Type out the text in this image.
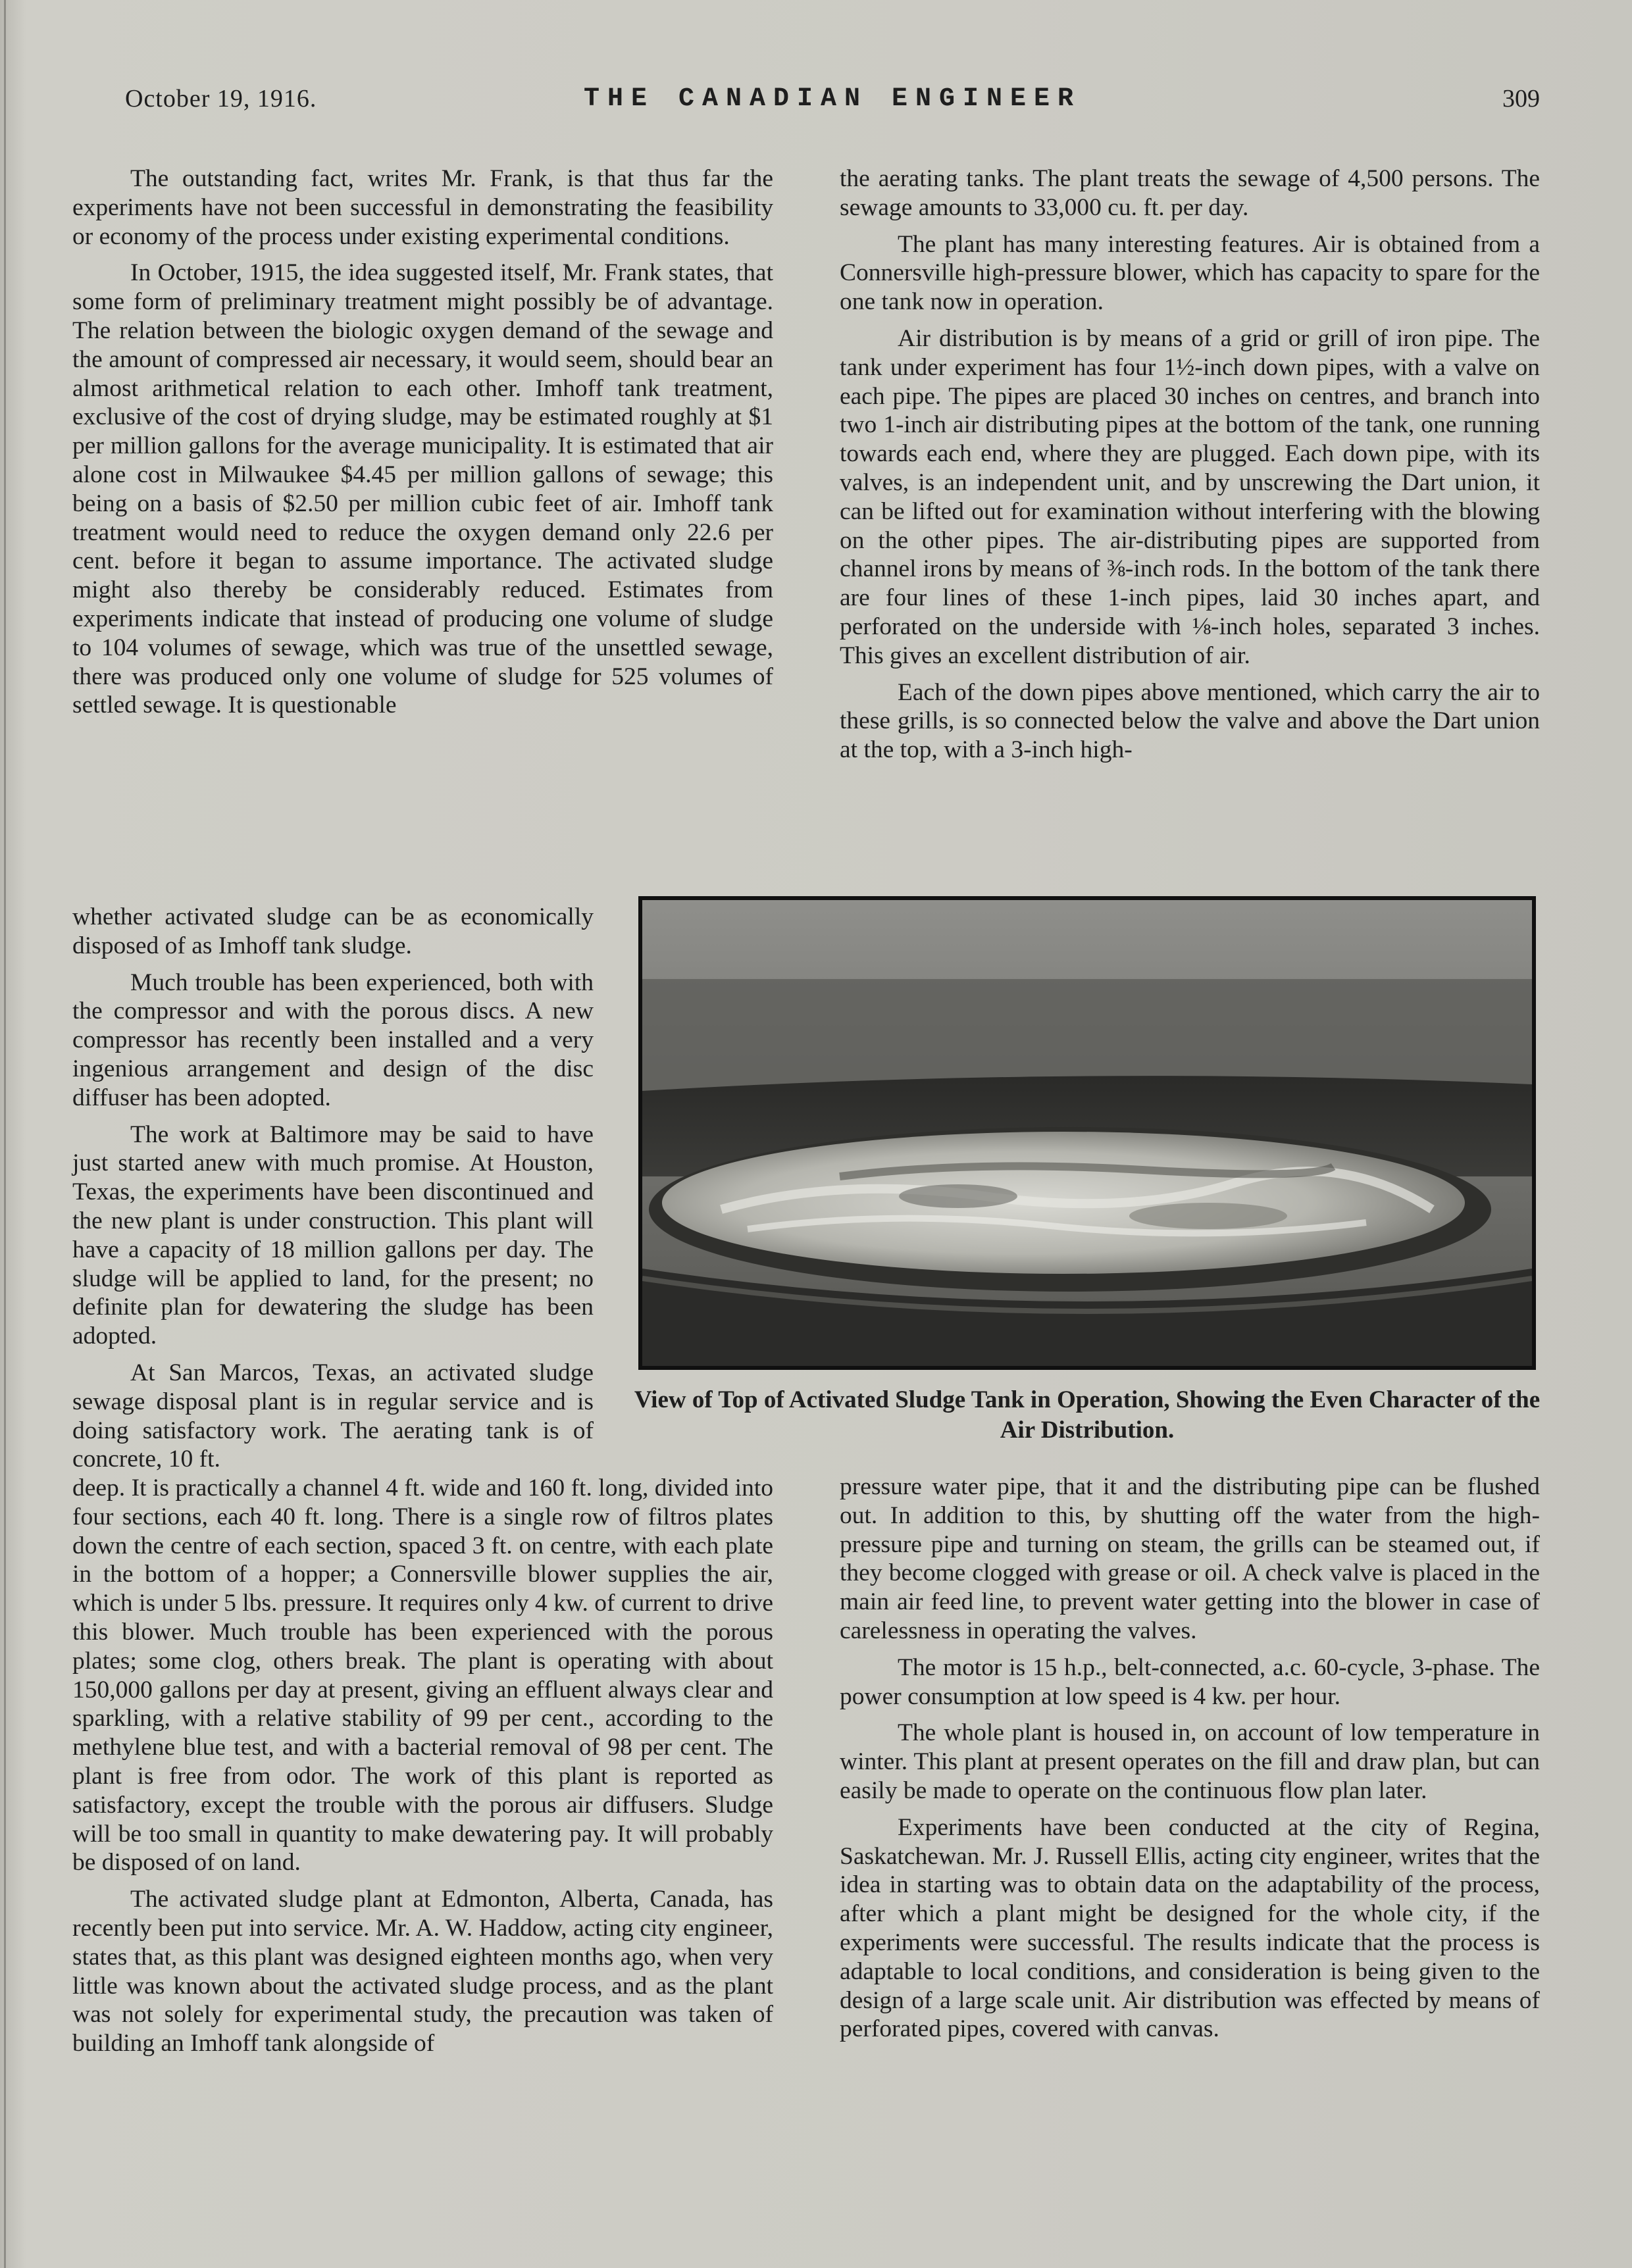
October 19, 1916.	THE CANADIAN ENGINEER	309

The outstanding fact, writes Mr. Frank, is that thus far the experiments have not been successful in demonstrating the feasibility or economy of the process under existing experimental conditions.

In October, 1915, the idea suggested itself, Mr. Frank states, that some form of preliminary treatment might possibly be of advantage. The relation between the biologic oxygen demand of the sewage and the amount of compressed air necessary, it would seem, should bear an almost arithmetical relation to each other. Imhoff tank treatment, exclusive of the cost of drying sludge, may be estimated roughly at $1 per million gallons for the average municipality. It is estimated that air alone cost in Milwaukee $4.45 per million gallons of sewage; this being on a basis of $2.50 per million cubic feet of air. Imhoff tank treatment would need to reduce the oxygen demand only 22.6 per cent. before it began to assume importance. The activated sludge might also thereby be considerably reduced. Estimates from experiments indicate that instead of producing one volume of sludge to 104 volumes of sewage, which was true of the unsettled sewage, there was produced only one volume of sludge for 525 volumes of settled sewage. It is questionable

whether activated sludge can be as economically disposed of as Imhoff tank sludge.

Much trouble has been experienced, both with the compressor and with the porous discs. A new compressor has recently been installed and a very ingenious arrangement and design of the disc diffuser has been adopted.

The work at Baltimore may be said to have just started anew with much promise. At Houston, Texas, the experiments have been discontinued and the new plant is under construction. This plant will have a capacity of 18 million gallons per day. The sludge will be applied to land, for the present; no definite plan for dewatering the sludge has been adopted.

At San Marcos, Texas, an activated sludge sewage disposal plant is in regular service and is doing satisfactory work. The aerating tank is of concrete, 10 ft.

deep. It is practically a channel 4 ft. wide and 160 ft. long, divided into four sections, each 40 ft. long. There is a single row of filtros plates down the centre of each section, spaced 3 ft. on centre, with each plate in the bottom of a hopper; a Connersville blower supplies the air, which is under 5 lbs. pressure. It requires only 4 kw. of current to drive this blower. Much trouble has been experienced with the porous plates; some clog, others break. The plant is operating with about 150,000 gallons per day at present, giving an effluent always clear and sparkling, with a relative stability of 99 per cent., according to the methylene blue test, and with a bacterial removal of 98 per cent. The plant is free from odor. The work of this plant is reported as satisfactory, except the trouble with the porous air diffusers. Sludge will be too small in quantity to make dewatering pay. It will probably be disposed of on land.

The activated sludge plant at Edmonton, Alberta, Canada, has recently been put into service. Mr. A. W. Haddow, acting city engineer, states that, as this plant was designed eighteen months ago, when very little was known about the activated sludge process, and as the plant was not solely for experimental study, the precaution was taken of building an Imhoff tank alongside of

the aerating tanks. The plant treats the sewage of 4,500 persons. The sewage amounts to 33,000 cu. ft. per day.

The plant has many interesting features. Air is obtained from a Connersville high-pressure blower, which has capacity to spare for the one tank now in operation.

Air distribution is by means of a grid or grill of iron pipe. The tank under experiment has four 1½-inch down pipes, with a valve on each pipe. The pipes are placed 30 inches on centres, and branch into two 1-inch air distributing pipes at the bottom of the tank, one running towards each end, where they are plugged. Each down pipe, with its valves, is an independent unit, and by unscrewing the Dart union, it can be lifted out for examination without interfering with the blowing on the other pipes. The air-distributing pipes are supported from channel irons by means of ⅜-inch rods. In the bottom of the tank there are four lines of these 1-inch pipes, laid 30 inches apart, and perforated on the underside with ⅛-inch holes, separated 3 inches. This gives an excellent distribution of air.

Each of the down pipes above mentioned, which carry the air to these grills, is so connected below the valve and above the Dart union at the top, with a 3-inch high-

View of Top of Activated Sludge Tank in Operation, Showing the Even Character of the Air Distribution.

pressure water pipe, that it and the distributing pipe can be flushed out. In addition to this, by shutting off the water from the high-pressure pipe and turning on steam, the grills can be steamed out, if they become clogged with grease or oil. A check valve is placed in the main air feed line, to prevent water getting into the blower in case of carelessness in operating the valves.

The motor is 15 h.p., belt-connected, a.c. 60-cycle, 3-phase. The power consumption at low speed is 4 kw. per hour.

The whole plant is housed in, on account of low temperature in winter. This plant at present operates on the fill and draw plan, but can easily be made to operate on the continuous flow plan later.

Experiments have been conducted at the city of Regina, Saskatchewan. Mr. J. Russell Ellis, acting city engineer, writes that the idea in starting was to obtain data on the adaptability of the process, after which a plant might be designed for the whole city, if the experiments were successful. The results indicate that the process is adaptable to local conditions, and consideration is being given to the design of a large scale unit. Air distribution was effected by means of perforated pipes, covered with canvas.
